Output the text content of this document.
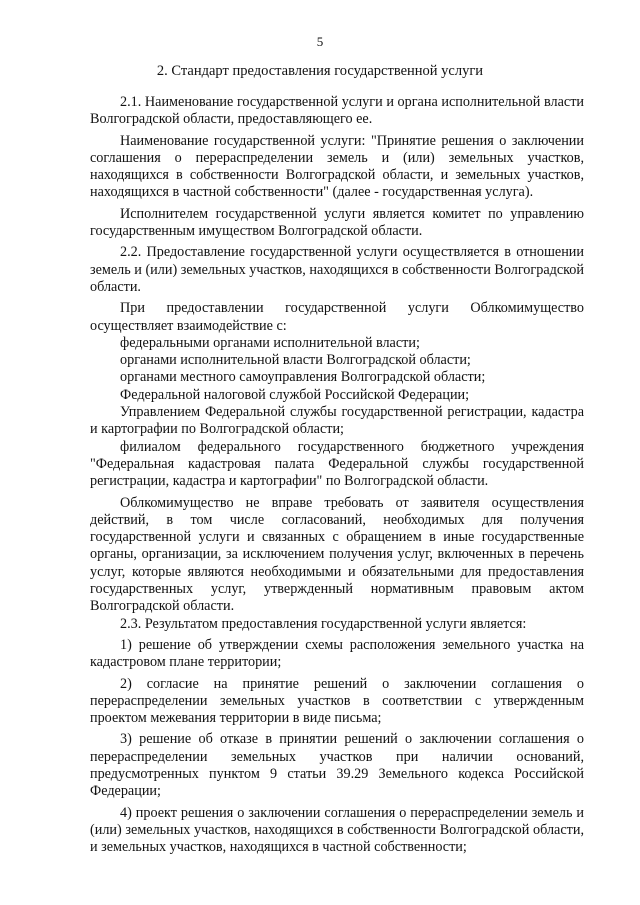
5
2. Стандарт предоставления государственной услуги

2.1. Наименование государственной услуги и органа исполнительной власти Волгоградской области, предоставляющего ее.

Наименование государственной услуги: "Принятие решения о заключении соглашения о перераспределении земель и (или) земельных участков, находящихся в собственности Волгоградской области, и земельных участков, находящихся в частной собственности" (далее - государственная услуга).

Исполнителем государственной услуги является комитет по управлению государственным имуществом Волгоградской области.

2.2. Предоставление государственной услуги осуществляется в отношении земель и (или) земельных участков, находящихся в собственности Волгоградской области.

При предоставлении государственной услуги Облкомимущество осуществляет взаимодействие с:

федеральными органами исполнительной власти;

органами исполнительной власти Волгоградской области;

органами местного самоуправления Волгоградской области;

Федеральной налоговой службой Российской Федерации;

Управлением Федеральной службы государственной регистрации, кадастра и картографии по Волгоградской области;

филиалом федерального государственного бюджетного учреждения "Федеральная кадастровая палата Федеральной службы государственной регистрации, кадастра и картографии" по Волгоградской области.

Облкомимущество не вправе требовать от заявителя осуществления действий, в том числе согласований, необходимых для получения государственной услуги и связанных с обращением в иные государственные органы, организации, за исключением получения услуг, включенных в перечень услуг, которые являются необходимыми и обязательными для предоставления государственных услуг, утвержденный нормативным правовым актом Волгоградской области.

2.3. Результатом предоставления государственной услуги является:

1) решение об утверждении схемы расположения земельного участка на кадастровом плане территории;

2) согласие на принятие решений о заключении соглашения о перераспределении земельных участков в соответствии с утвержденным проектом межевания территории в виде письма;

3) решение об отказе в принятии решений о заключении соглашения о перераспределении земельных участков при наличии оснований, предусмотренных пунктом 9 статьи 39.29 Земельного кодекса Российской Федерации;

4) проект решения о заключении соглашения о перераспределении земель и (или) земельных участков, находящихся в собственности Волгоградской области, и земельных участков, находящихся в частной собственности;
